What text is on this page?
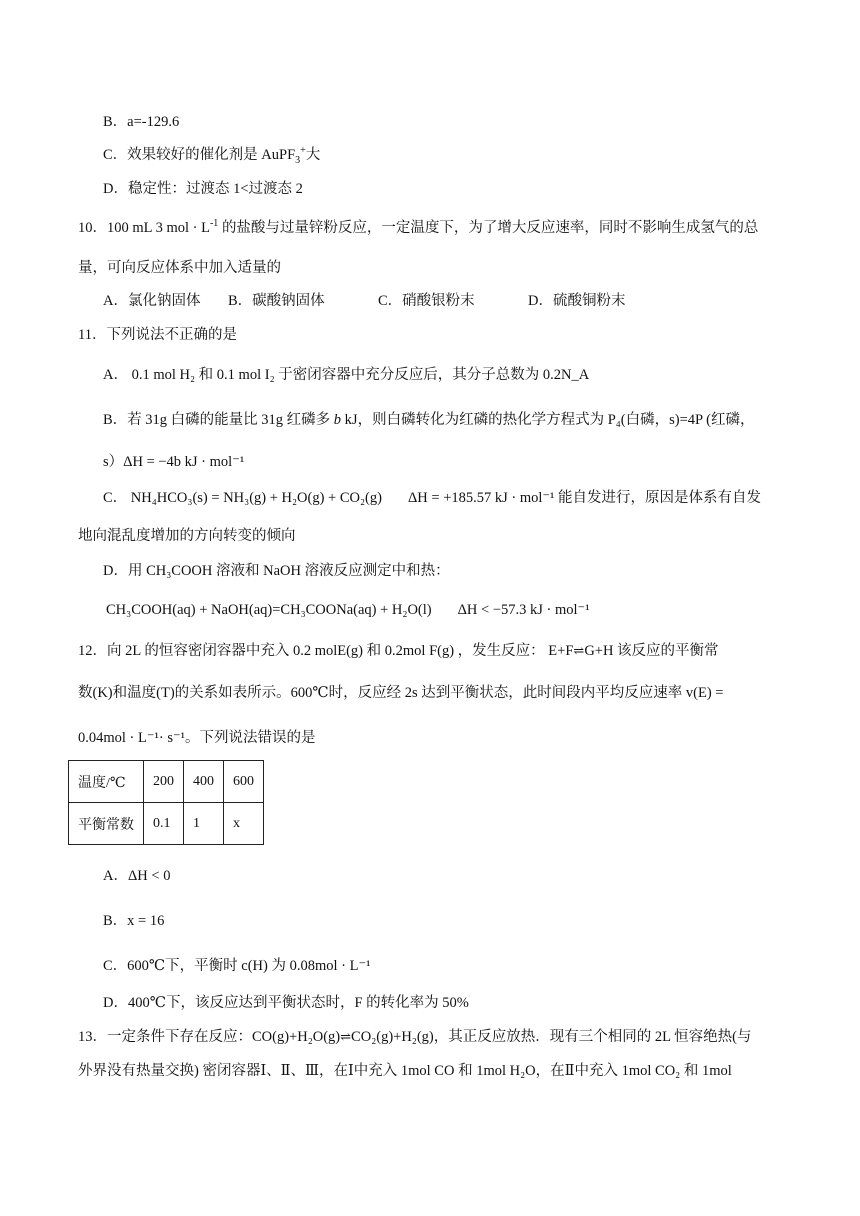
B．a=-129.6
C．效果较好的催化剂是 AuPF$_3$+大
D．稳定性：过渡态 1<过渡态 2
10．100 mL 3 mol · $L^{-1}$ 的盐酸与过量锌粉反应，一定温度下，为了增大反应速率，同时不影响生成氢气的总
量，可向反应体系中加入适量的
A．氯化钠固体 B．碳酸钠固体	C．硝酸银粉末	D．硫酸铜粉末
11．下列说法不正确的是
A． 0.1 mol H₂ 和 0.1 mol I₂ 于密闭容器中充分反应后，其分子总数为 0.2N_A
B．若 31g 白磷的能量比 31g 红磷多 b kJ，则白磷转化为红磷的热化学方程式为 P₄(白磷，s)=4P (红磷，
s）ΔH = −4b kJ · mol⁻¹
C． NH₄HCO₃(s) = NH₃(g) + H₂O(g) + CO₂(g) ΔH = +185.57 kJ · mol⁻¹ 能自发进行，原因是体系有自发
地向混乱度增加的方向转变的倾向
D．用 CH₃COOH 溶液和 NaOH 溶液反应测定中和热：
CH₃COOH(aq) + NaOH(aq)=CH₃COONa(aq) + H₂O(l) ΔH < −57.3 kJ · mol⁻¹
12．向 2L 的恒容密闭容器中充入 0.2 molE(g) 和 0.2mol F(g) ，发生反应： E+F⇌G+H 该反应的平衡常
数(K)和温度(T)的关系如表所示。600℃时，反应经 2s 达到平衡状态，此时间段内平均反应速率 v(E) =
0.04mol · L⁻¹· s⁻¹。下列说法错误的是
温度/℃	200	400	600
平衡常数	0.1	1	x
A．ΔH < 0
B．x = 16
C．600℃下，平衡时 c(H) 为 0.08mol · L⁻¹
D．400℃下，该反应达到平衡状态时，F 的转化率为 50%
13．一定条件下存在反应：CO(g)+H₂O(g)⇌CO₂(g)+H₂(g)，其正反应放热．现有三个相同的 2L 恒容绝热(与
外界没有热量交换) 密闭容器Ⅰ、Ⅱ、Ⅲ，在Ⅰ中充入 1mol CO 和 1mol H₂O，在Ⅱ中充入 1mol CO₂ 和 1mol
